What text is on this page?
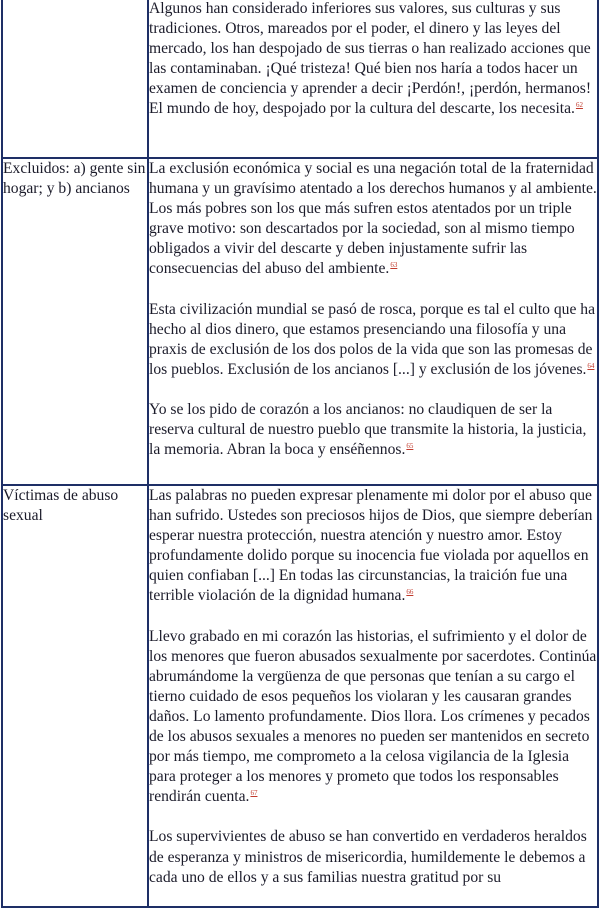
	Algunos han considerado inferiores sus valores, sus culturas y sus tradiciones. Otros, mareados por el poder, el dinero y las leyes del mercado, los han despojado de sus tierras o han realizado acciones que las contaminaban. ¡Qué tristeza! Qué bien nos haría a todos hacer un examen de conciencia y aprender a decir ¡Perdón!, ¡perdón, hermanos! El mundo de hoy, despojado por la cultura del descarte, los necesita.$^{62}$

Excluidos: a) gente sin hogar; y b) ancianos	La exclusión económica y social es una negación total de la fraternidad humana y un gravísimo atentado a los derechos humanos y al ambiente. Los más pobres son los que más sufren estos atentados por un triple grave motivo: son descartados por la sociedad, son al mismo tiempo obligados a vivir del descarte y deben injustamente sufrir las consecuencias del abuso del ambiente.$^{63}$

Esta civilización mundial se pasó de rosca, porque es tal el culto que ha hecho al dios dinero, que estamos presenciando una filosofía y una praxis de exclusión de los dos polos de la vida que son las promesas de los pueblos. Exclusión de los ancianos [...] y exclusión de los jóvenes.$^{64}$

Yo se los pido de corazón a los ancianos: no claudiquen de ser la reserva cultural de nuestro pueblo que transmite la historia, la justicia, la memoria. Abran la boca y enséñennos.$^{65}$

Víctimas de abuso sexual	Las palabras no pueden expresar plenamente mi dolor por el abuso que han sufrido. Ustedes son preciosos hijos de Dios, que siempre deberían esperar nuestra protección, nuestra atención y nuestro amor. Estoy profundamente dolido porque su inocencia fue violada por aquellos en quien confiaban [...] En todas las circunstancias, la traición fue una terrible violación de la dignidad humana.$^{66}$

Llevo grabado en mi corazón las historias, el sufrimiento y el dolor de los menores que fueron abusados sexualmente por sacerdotes. Continúa abrumándome la vergüenza de que personas que tenían a su cargo el tierno cuidado de esos pequeños los violaran y les causaran grandes daños. Lo lamento profundamente. Dios llora. Los crímenes y pecados de los abusos sexuales a menores no pueden ser mantenidos en secreto por más tiempo, me comprometo a la celosa vigilancia de la Iglesia para proteger a los menores y prometo que todos los responsables rendirán cuenta.$^{67}$

Los supervivientes de abuso se han convertido en verdaderos heraldos de esperanza y ministros de misericordia, humildemente le debemos a cada uno de ellos y a sus familias nuestra gratitud por su
